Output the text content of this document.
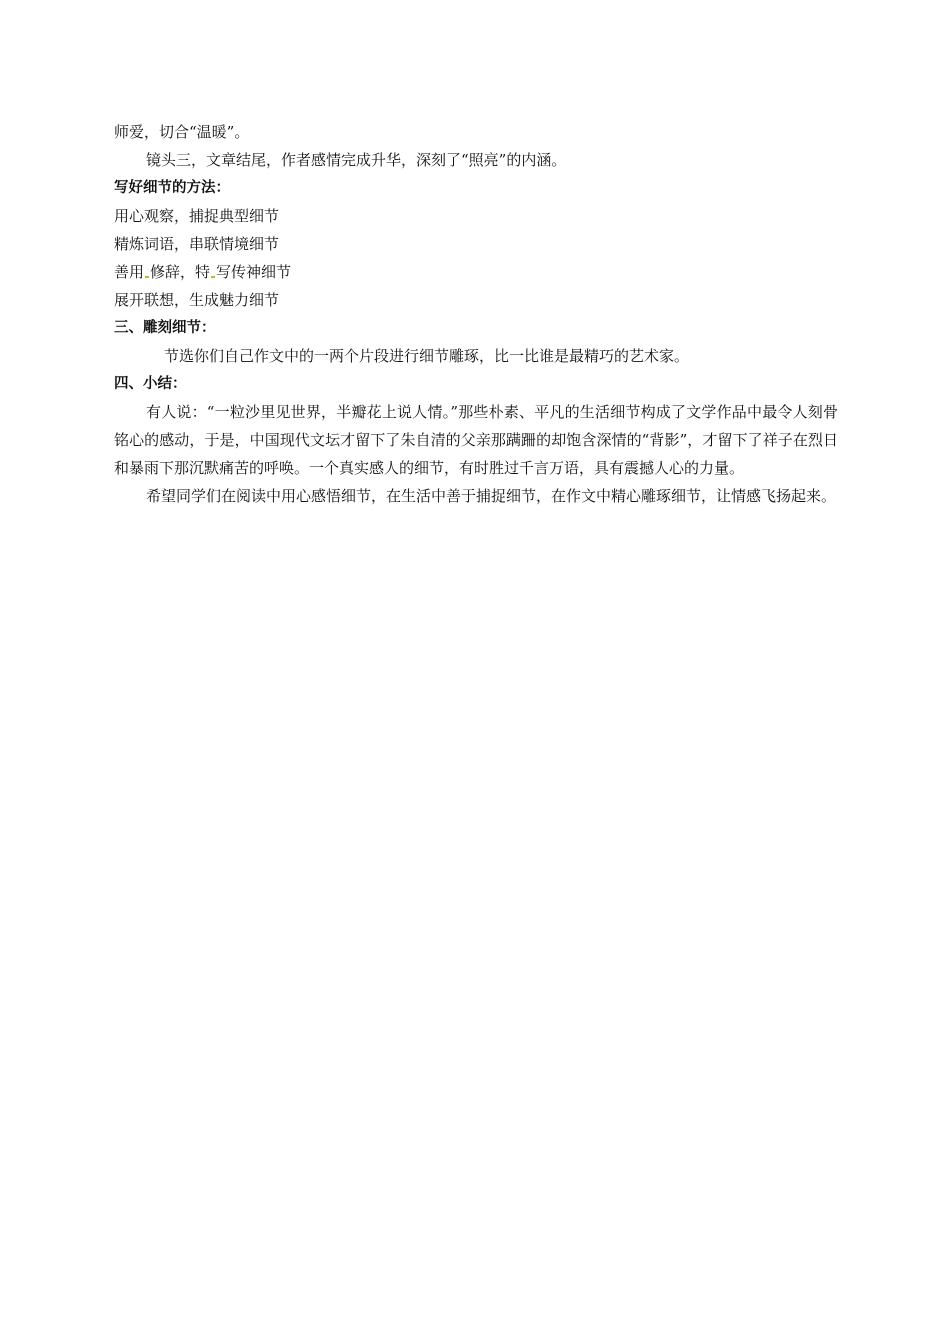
师爱，切合“温暖”。

镜头三，文章结尾，作者感情完成升华，深刻了“照亮”的内涵。

写好细节的方法：

用心观察，捕捉典型细节

精炼词语，串联情境细节

善用 修辞，特 写传神细节

展开联想，生成魅力细节

三、雕刻细节：

节选你们自己作文中的一两个片段进行细节雕琢，比一比谁是最精巧的艺术家。

四、小结：

有人说：“一粒沙里见世界，半瓣花上说人情。”那些朴素、平凡的生活细节构成了文学作品中最令人刻骨铭心的感动，于是，中国现代文坛才留下了朱自清的父亲那蹒跚的却饱含深情的“背影”，才留下了祥子在烈日和暴雨下那沉默痛苦的呼唤。一个真实感人的细节，有时胜过千言万语，具有震撼人心的力量。

希望同学们在阅读中用心感悟细节，在生活中善于捕捉细节，在作文中精心雕琢细节，让情感飞扬起来。
